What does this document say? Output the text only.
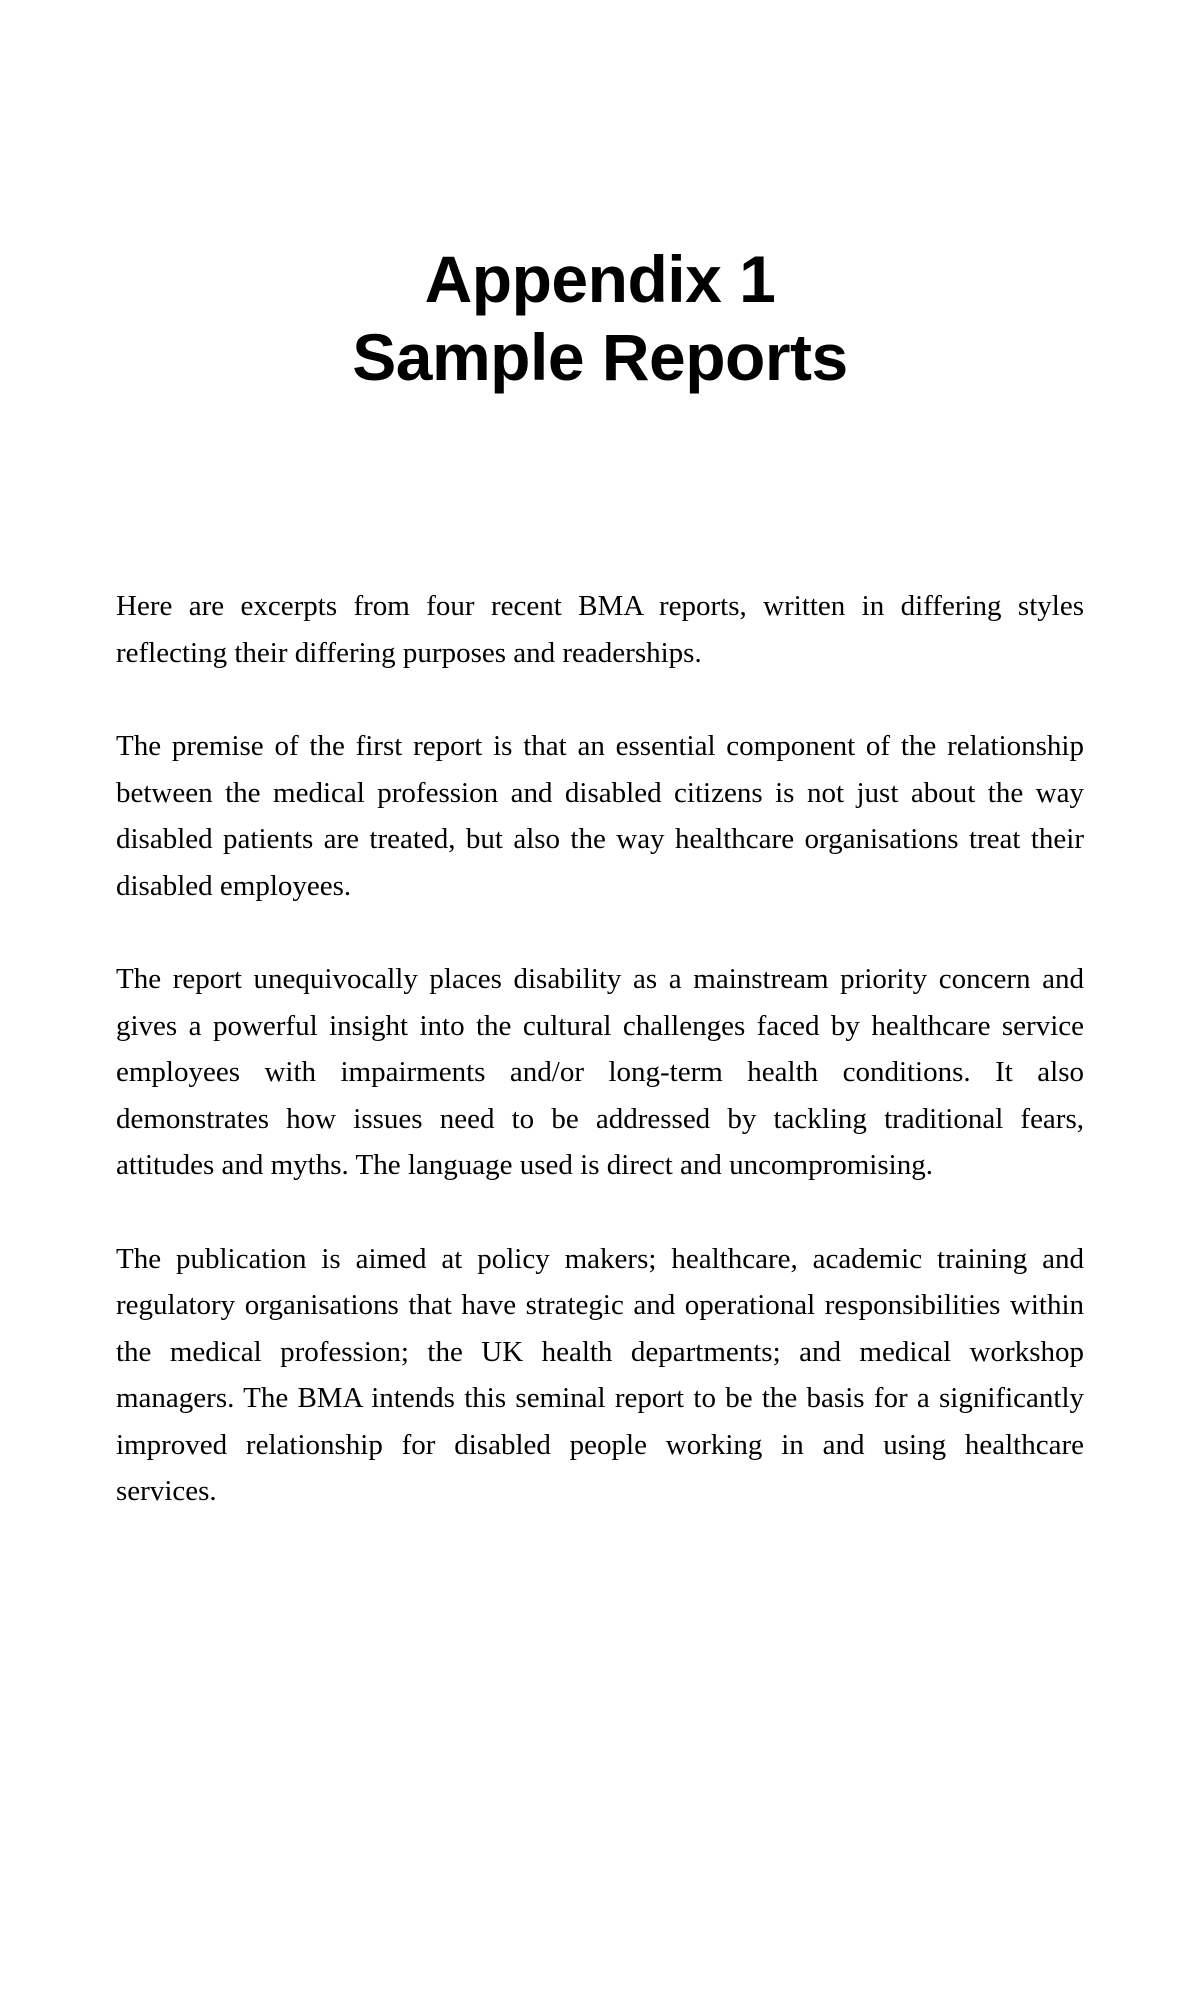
Appendix 1
Sample Reports

Here are excerpts from four recent BMA reports, written in differing styles reflecting their differing purposes and readerships.

The premise of the first report is that an essential component of the relationship between the medical profession and disabled citizens is not just about the way disabled patients are treated, but also the way healthcare organisations treat their disabled employees.

The report unequivocally places disability as a mainstream priority concern and gives a powerful insight into the cultural challenges faced by healthcare service employees with impairments and/or long-term health conditions. It also demonstrates how issues need to be addressed by tackling traditional fears, attitudes and myths. The language used is direct and uncompromising.

The publication is aimed at policy makers; healthcare, academic training and regulatory organisations that have strategic and operational responsibilities within the medical profession; the UK health departments; and medical workshop managers. The BMA intends this seminal report to be the basis for a significantly improved relationship for disabled people working in and using healthcare services.
